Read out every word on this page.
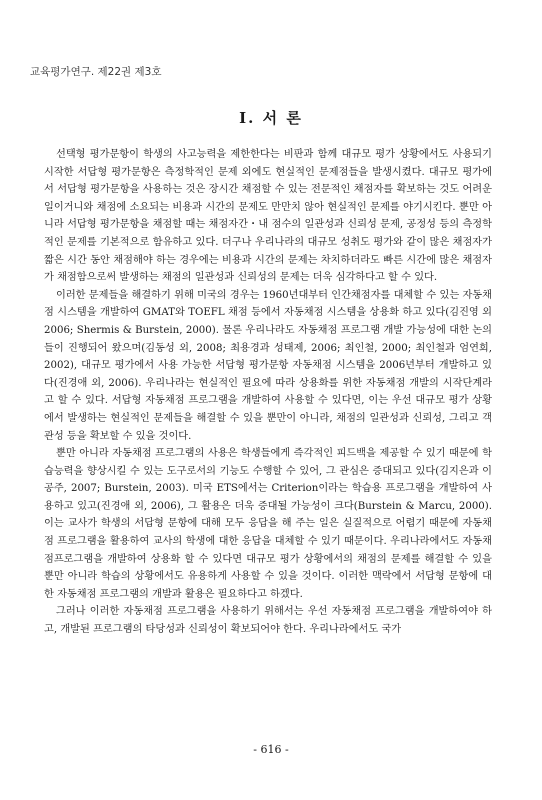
교육평가연구. 제22권 제3호
I. 서 론

선택형 평가문항이 학생의 사고능력을 제한한다는 비판과 함께 대규모 평가 상황에서도 사용되기 시작한 서답형 평가문항은 측정학적인 문제 외에도 현실적인 문제점들을 발생시켰다. 대규모 평가에서 서답형 평가문항을 사용하는 것은 장시간 채점할 수 있는 전문적인 채점자를 확보하는 것도 어려운 일이거니와 채점에 소요되는 비용과 시간의 문제도 만만치 않아 현실적인 문제를 야기시킨다. 뿐만 아니라 서답형 평가문항을 채점할 때는 채점자간・내 점수의 일관성과 신뢰성 문제, 공정성 등의 측정학적인 문제를 기본적으로 함유하고 있다. 더구나 우리나라의 대규모 성취도 평가와 같이 많은 채점자가 짧은 시간 동안 채점해야 하는 경우에는 비용과 시간의 문제는 차치하더라도 빠른 시간에 많은 채점자가 채점함으로써 발생하는 채점의 일관성과 신뢰성의 문제는 더욱 심각하다고 할 수 있다.

이러한 문제들을 해결하기 위해 미국의 경우는 1960년대부터 인간채점자를 대체할 수 있는 자동채점 시스템을 개발하여 GMAT와 TOEFL 채점 등에서 자동채점 시스템을 상용화 하고 있다(김진영 외 2006; Shermis & Burstein, 2000). 물론 우리나라도 자동채점 프로그램 개발 가능성에 대한 논의들이 진행되어 왔으며(김동성 외, 2008; 최용경과 성태제, 2006; 최인철, 2000; 최인철과 엄연희, 2002), 대규모 평가에서 사용 가능한 서답형 평가문항 자동채점 시스템을 2006년부터 개발하고 있다(진경애 외, 2006). 우리나라는 현실적인 필요에 따라 상용화를 위한 자동채점 개발의 시작단계라고 할 수 있다. 서답형 자동채점 프로그램을 개발하여 사용할 수 있다면, 이는 우선 대규모 평가 상황에서 발생하는 현실적인 문제들을 해결할 수 있을 뿐만이 아니라, 채점의 일관성과 신뢰성, 그리고 객관성 등을 확보할 수 있을 것이다.

뿐만 아니라 자동채점 프로그램의 사용은 학생들에게 즉각적인 피드백을 제공할 수 있기 때문에 학습능력을 향상시킬 수 있는 도구로서의 기능도 수행할 수 있어, 그 관심은 증대되고 있다(김지은과 이공주, 2007; Burstein, 2003). 미국 ETS에서는 Criterion이라는 학습용 프로그램을 개발하여 사용하고 있고(진경애 외, 2006), 그 활용은 더욱 증대될 가능성이 크다(Burstein & Marcu, 2000). 이는 교사가 학생의 서답형 문항에 대해 모두 응답을 해 주는 일은 실질적으로 어렵기 때문에 자동채점 프로그램을 활용하여 교사의 학생에 대한 응답을 대체할 수 있기 때문이다. 우리나라에서도 자동채점프로그램을 개발하여 상용화 할 수 있다면 대규모 평가 상황에서의 채점의 문제를 해결할 수 있을 뿐만 아니라 학습의 상황에서도 유용하게 사용할 수 있을 것이다. 이러한 맥락에서 서답형 문항에 대한 자동채점 프로그램의 개발과 활용은 필요하다고 하겠다.

그러나 이러한 자동채점 프로그램을 사용하기 위해서는 우선 자동채점 프로그램을 개발하여야 하고, 개발된 프로그램의 타당성과 신뢰성이 확보되어야 한다. 우리나라에서도 국가

- 616 -
